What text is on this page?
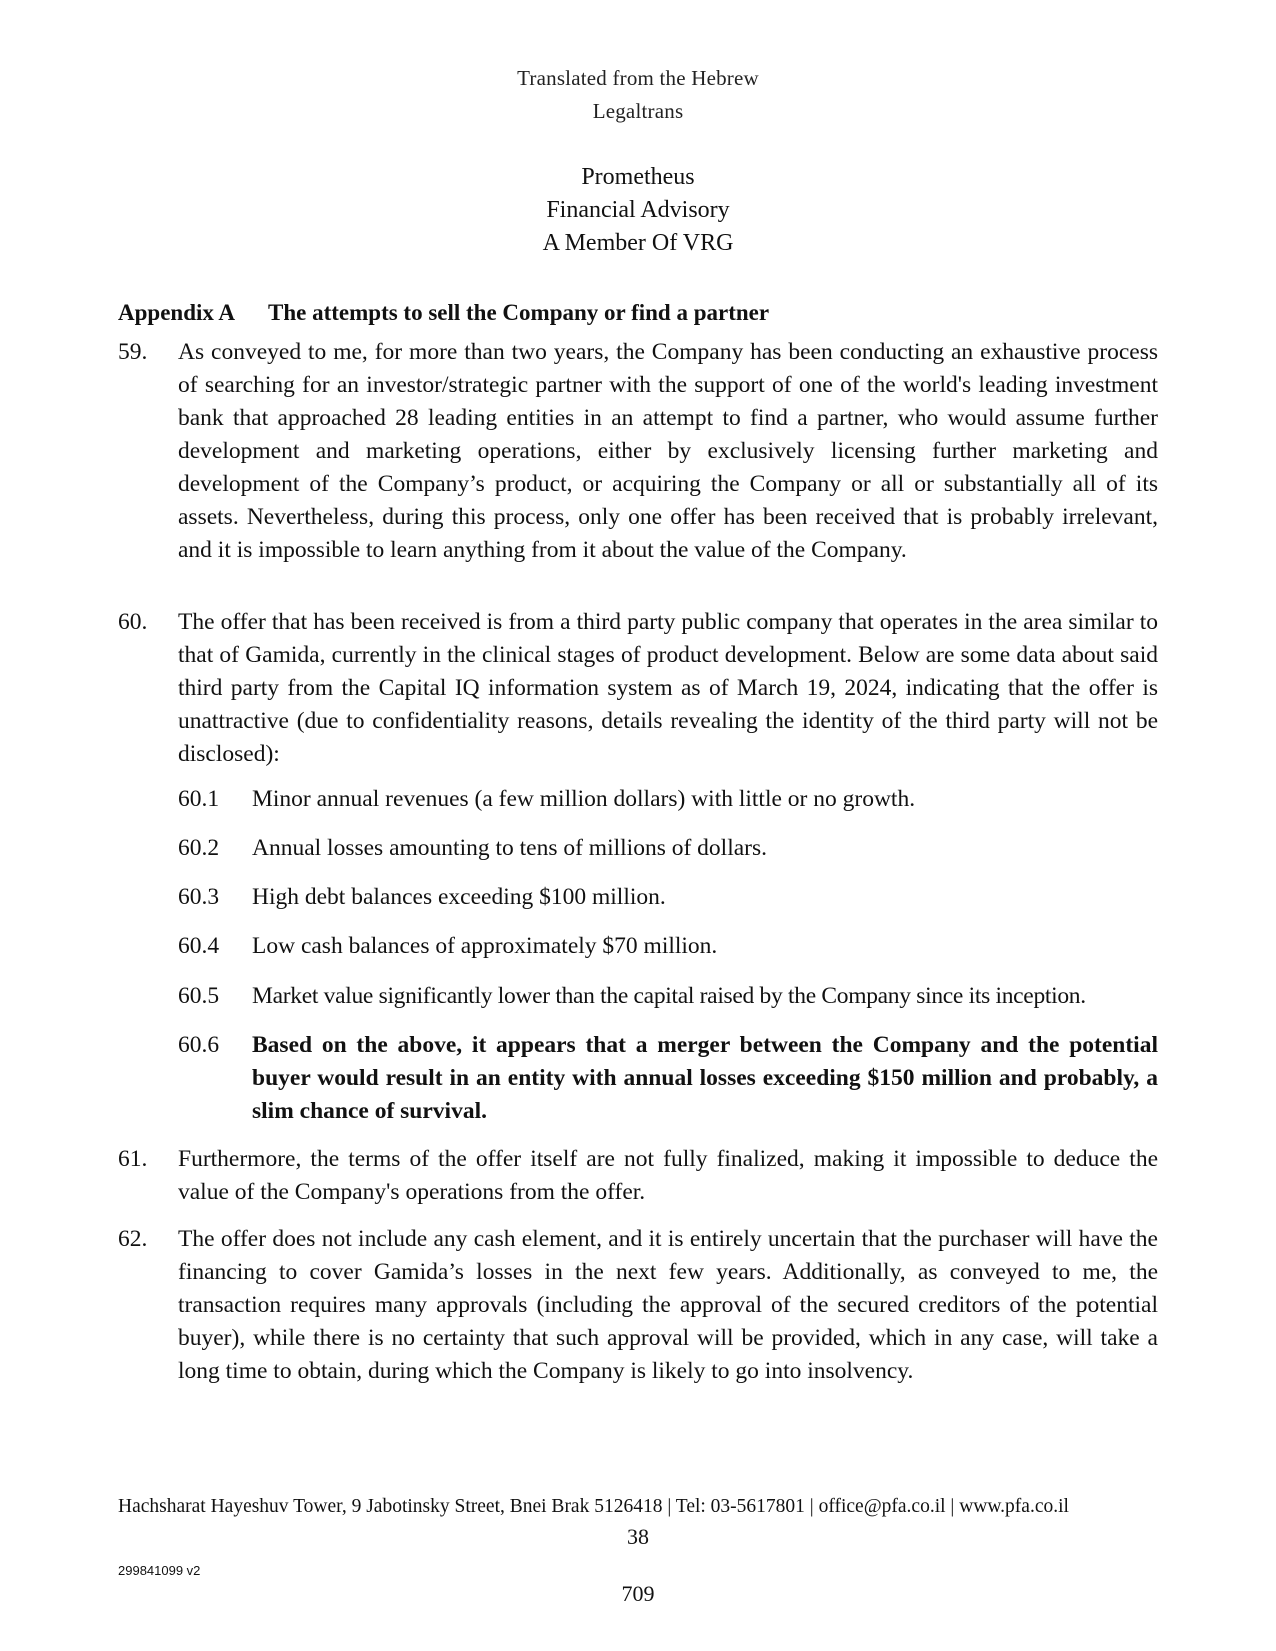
Translated from the Hebrew
Legaltrans
Prometheus
Financial Advisory
A Member Of VRG
Appendix A The attempts to sell the Company or find a partner
59. As conveyed to me, for more than two years, the Company has been conducting an exhaustive process of searching for an investor/strategic partner with the support of one of the world's leading investment bank that approached 28 leading entities in an attempt to find a partner, who would assume further development and marketing operations, either by exclusively licensing further marketing and development of the Company’s product, or acquiring the Company or all or substantially all of its assets. Nevertheless, during this process, only one offer has been received that is probably irrelevant, and it is impossible to learn anything from it about the value of the Company.
60. The offer that has been received is from a third party public company that operates in the area similar to that of Gamida, currently in the clinical stages of product development. Below are some data about said third party from the Capital IQ information system as of March 19, 2024, indicating that the offer is unattractive (due to confidentiality reasons, details revealing the identity of the third party will not be disclosed):
60.1 Minor annual revenues (a few million dollars) with little or no growth.
60.2 Annual losses amounting to tens of millions of dollars.
60.3 High debt balances exceeding $100 million.
60.4 Low cash balances of approximately $70 million.
60.5 Market value significantly lower than the capital raised by the Company since its inception.
60.6 Based on the above, it appears that a merger between the Company and the potential buyer would result in an entity with annual losses exceeding $150 million and probably, a slim chance of survival.
61. Furthermore, the terms of the offer itself are not fully finalized, making it impossible to deduce the value of the Company's operations from the offer.
62. The offer does not include any cash element, and it is entirely uncertain that the purchaser will have the financing to cover Gamida’s losses in the next few years. Additionally, as conveyed to me, the transaction requires many approvals (including the approval of the secured creditors of the potential buyer), while there is no certainty that such approval will be provided, which in any case, will take a long time to obtain, during which the Company is likely to go into insolvency.
Hachsharat Hayeshuv Tower, 9 Jabotinsky Street, Bnei Brak 5126418 | Tel: 03-5617801 | office@pfa.co.il | www.pfa.co.il
38
299841099 v2
709
